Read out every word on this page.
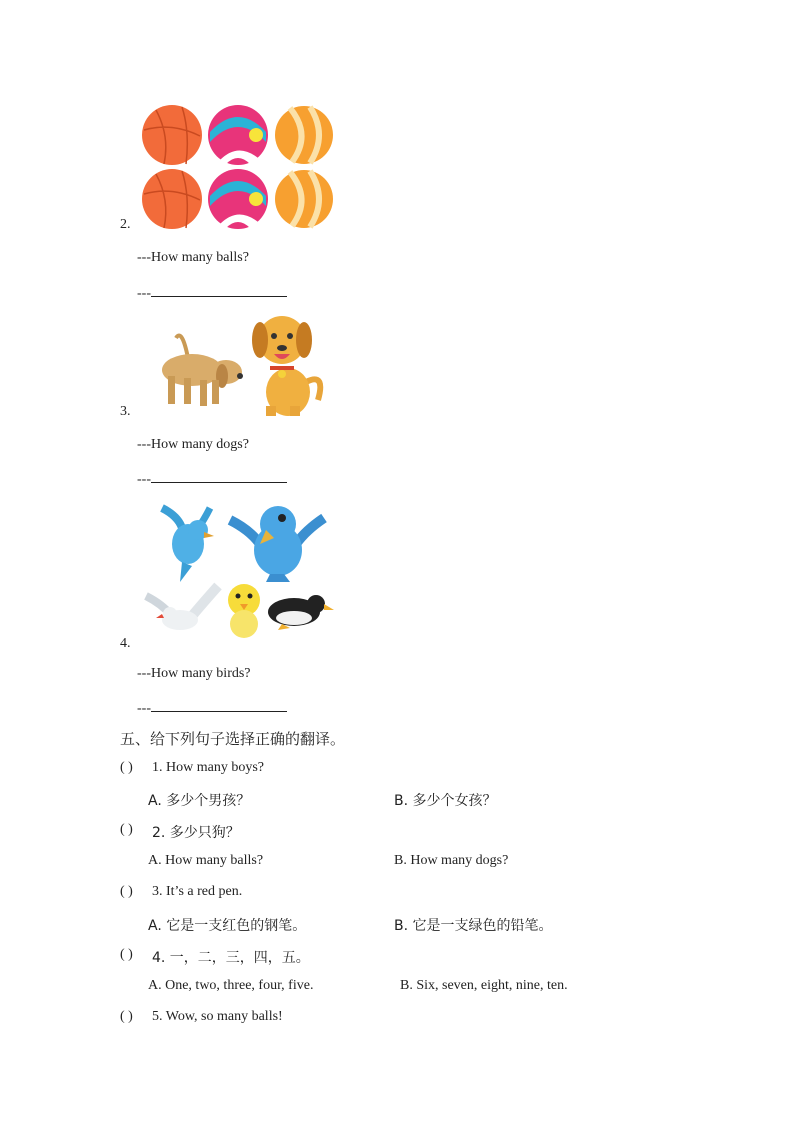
2.
---How many balls?
---
3.
---How many dogs?
---
4.
---How many birds?
---
五、给下列句子选择正确的翻译。
( ) 1. How many boys?
A. 多少个男孩？	B. 多少个女孩？
( ) 2. 多少只狗？
A. How many balls?	B. How many dogs?
( ) 3. It’s a red pen.
A. 它是一支红色的钢笔。	B. 它是一支绿色的铅笔。
( ) 4. 一，二，三，四，五。
A. One, two, three, four, five.	B. Six, seven, eight, nine, ten.
( ) 5. Wow, so many balls!
